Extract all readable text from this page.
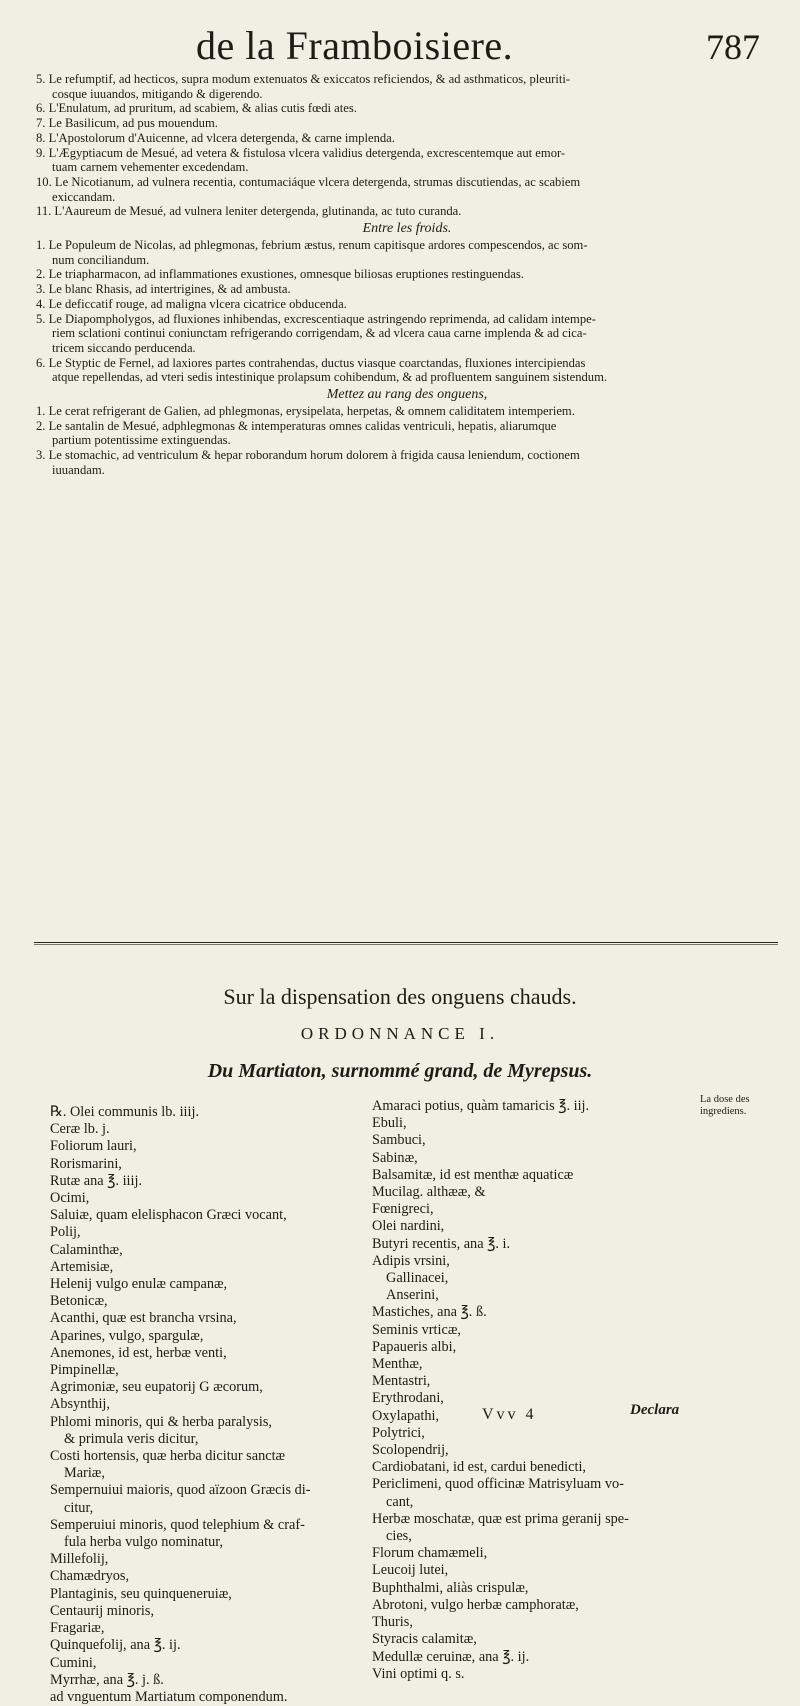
de la Framboisiere.	787
5. Le refumptif, ad hecticos, supra modum extenuatos & exiccatos reficiendos, & ad asthmaticos, pleuriti-
cosque iuuandos, mitigando & digerendo.
6. L'Enulatum, ad pruritum, ad scabiem, & alias cutis fœdi ates.
7. Le Basilicum, ad pus mouendum.
8. L'Apostolorum d'Auicenne, ad vlcera detergenda, & carne implenda.
9. L'Ægyptiacum de Mesué, ad vetera & fistulosa vlcera validius detergenda, excrescentemque aut emor-
tuam carnem vehementer excedendam.
10. Le Nicotianum, ad vulnera recentia, contumaciáque vlcera detergenda, strumas discutiendas, ac scabiem
exiccandam.
11. L'Aaureum de Mesué, ad vulnera leniter detergenda, glutinanda, ac tuto curanda.
Entre les froids.
1. Le Populeum de Nicolas, ad phlegmonas, febrium æstus, renum capitisque ardores compescendos, ac som-
num conciliandum.
2. Le triapharmacon, ad inflammationes exustiones, omnesque biliosas eruptiones restinguendas.
3. Le blanc Rhasis, ad intertrigines, & ad ambusta.
4. Le deficcatif rouge, ad maligna vlcera cicatrice obducenda.
5. Le Diapompholygos, ad fluxiones inhibendas, excrescentiaque astringendo reprimenda, ad calidam intempe-
riem sclationi continui coniunctam refrigerando corrigendam, & ad vlcera caua carne implenda & ad cica-
tricem siccando perducenda.
6. Le Styptic de Fernel, ad laxiores partes contrahendas, ductus viasque coarctandas, fluxiones intercipiendas
atque repellendas, ad vteri sedis intestinique prolapsum cohibendum, & ad profluentem sanguinem sistendum.
Mettez au rang des onguens,
1. Le cerat refrigerant de Galien, ad phlegmonas, erysipelata, herpetas, & omnem caliditatem intemperiem.
2. Le santalin de Mesué, adphlegmonas & intemperaturas omnes calidas ventriculi, hepatis, aliarumque
partium potentissime extinguendas.
3. Le stomachic, ad ventriculum & hepar roborandum horum dolorem à frigida causa leniendum, coctionem
iuuandam.
Sur la dispensation des onguens chauds.
ORDONNANCE I.
Du Martiaton, surnommé grand, de Myrepsus.
℞. Olei communis lb. iiij.
Ceræ lb. j.
Foliorum lauri,
Rorismarini,
Rutæ ana ℥. iiij.
Ocimi,
Saluiæ, quam elelisphacon Græci vocant,
Polij,
Calaminthæ,
Artemisiæ,
Helenij vulgo enulæ campanæ,
Betonicæ,
Acanthi, quæ est brancha vrsina,
Aparines, vulgo, spargulæ,
Anemones, id est, herbæ venti,
Pimpinellæ,
Agrimoniæ, seu eupatorij G æcorum,
Absynthij,
Phlomi minoris, qui & herba paralysis,
& primula veris dicitur,
Costi hortensis, quæ herba dicitur sanctæ
Mariæ,
Sempernuiui maioris, quod aïzoon Græcis di-
citur,
Semperuiui minoris, quod telephium & craf-
fula herba vulgo nominatur,
Millefolij,
Chamædryos,
Plantaginis, seu quinqueneruiæ,
Centaurij minoris,
Fragariæ,
Quinquefolij, ana ℥. ij.
Cumini,
Myrrhæ, ana ℥. j. ß.
ad vnguentum Martiatum componendum.
Amaraci potius, quàm tamaricis ℥. iij.
Ebuli,
Sambuci,
Sabinæ,
Balsamitæ, id est menthæ aquaticæ
Mucilag. althææ, &
Fœnigreci,
Olei nardini,
Butyri recentis, ana ℥. i.
Adipis vrsini,
Gallinacei,
Anserini,
Mastiches, ana ℥. ß.
Seminis vrticæ,
Papaueris albi,
Menthæ,
Mentastri,
Erythrodani,
Oxylapathi,
Polytrici,
Scolopendrij,
Cardiobatani, id est, cardui benedicti,
Periclimeni, quod officinæ Matrisyluam vo-
cant,
Herbæ moschatæ, quæ est prima geranij spe-
cies,
Florum chamæmeli,
Leucoij lutei,
Buphthalmi, aliàs crispulæ,
Abrotoni, vulgo herbæ camphoratæ,
Thuris,
Styracis calamitæ,
Medullæ ceruinæ, ana ℥. ij.
Vini optimi q. s.
La dose des ingrediens.
Vvv 4	Declara
